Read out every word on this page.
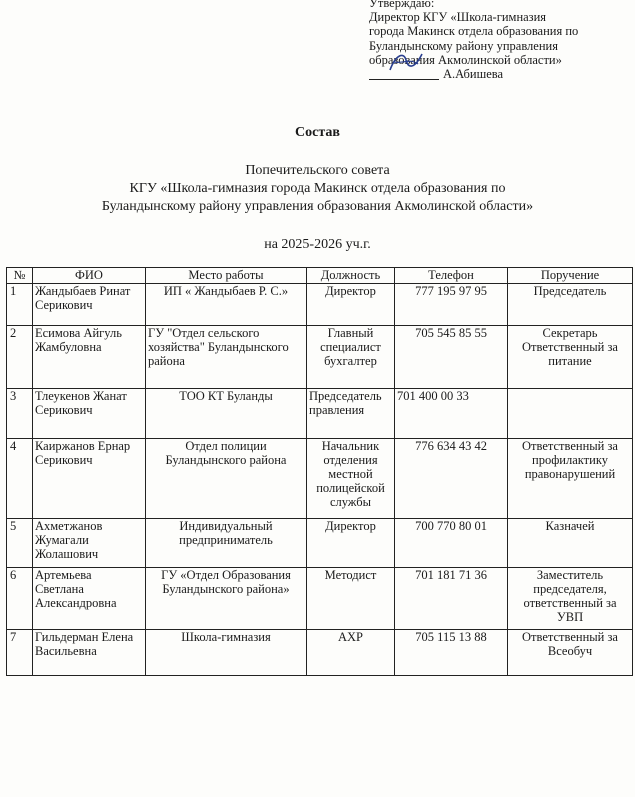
Утверждаю:
Директор КГУ «Школа-гимназия
города Макинск отдела образования по
Буландынскому району управления
образования Акмолинской области»
А.Абишева
Состав
Попечительского совета
КГУ «Школа-гимназия города Макинск отдела образования по
Буландынскому району управления образования Акмолинской области»
на 2025-2026 уч.г.
№	ФИО	Место работы	Должность	Телефон	Поручение
1	Жандыбаев Ринат Серикович	ИП « Жандыбаев Р. С.»	Директор	777 195 97 95	Председатель
2	Есимова Айгуль Жамбуловна	ГУ "Отдел сельского хозяйства" Буландынского района	Главный специалист бухгалтер	705 545 85 55	Секретарь Ответственный за питание
3	Тлеукенов Жанат Серикович	ТОО КТ Буланды	Председатель правления	701 400 00 33	
4	Каиржанов Ернар Серикович	Отдел полиции Буландынского района	Начальник отделения местной полицейской службы	776 634 43 42	Ответственный за профилактику правонарушений
5	Ахметжанов Жумагали Жолашович	Индивидуальный предприниматель	Директор	700 770 80 01	Казначей
6	Артемьева Светлана Александровна	ГУ «Отдел Образования Буландынского района»	Методист	701 181 71 36	Заместитель председателя, ответственный за УВП
7	Гильдерман Елена Васильевна	Школа-гимназия	АХР	705 115 13 88	Ответственный за Всеобуч
